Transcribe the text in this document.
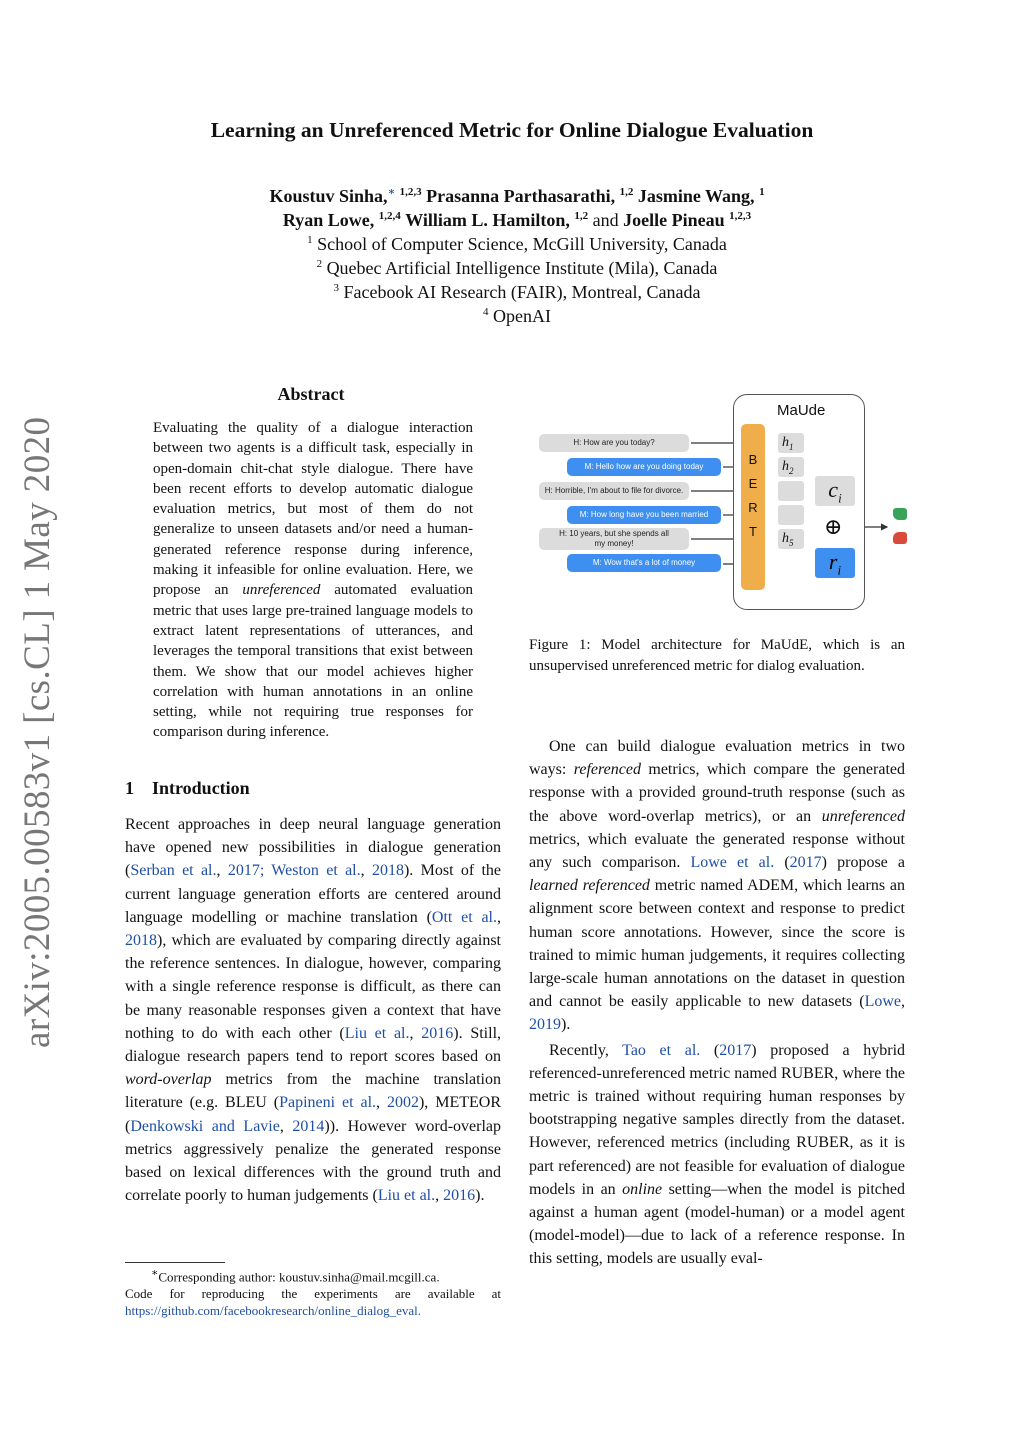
arXiv:2005.00583v1 [cs.CL] 1 May 2020
Learning an Unreferenced Metric for Online Dialogue Evaluation
Koustuv Sinha,∗ $^{1,2,3}$ Prasanna Parthasarathi, $^{1,2}$ Jasmine Wang, $^1$
Ryan Lowe, $^{1,2,4}$ William L. Hamilton, $^{1,2}$ and Joelle Pineau $^{1,2,3}$
$^1$ School of Computer Science, McGill University, Canada
$^2$ Quebec Artificial Intelligence Institute (Mila), Canada
$^3$ Facebook AI Research (FAIR), Montreal, Canada
$^4$ OpenAI
Abstract
Evaluating the quality of a dialogue interaction between two agents is a difficult task, especially in open-domain chit-chat style dialogue. There have been recent efforts to develop automatic dialogue evaluation metrics, but most of them do not generalize to unseen datasets and/or need a human-generated reference response during inference, making it infeasible for online evaluation. Here, we propose an unreferenced automated evaluation metric that uses large pre-trained language models to extract latent representations of utterances, and leverages the temporal transitions that exist between them. We show that our model achieves higher correlation with human annotations in an online setting, while not requiring true responses for comparison during inference.
1 Introduction

Recent approaches in deep neural language generation have opened new possibilities in dialogue generation (Serban et al., 2017; Weston et al., 2018). Most of the current language generation efforts are centered around language modelling or machine translation (Ott et al., 2018), which are evaluated by comparing directly against the reference sentences. In dialogue, however, comparing with a single reference response is difficult, as there can be many reasonable responses given a context that have nothing to do with each other (Liu et al., 2016). Still, dialogue research papers tend to report scores based on word-overlap metrics from the machine translation literature (e.g. BLEU (Papineni et al., 2002), METEOR (Denkowski and Lavie, 2014)). However word-overlap metrics aggressively penalize the generated response based on lexical differences with the ground truth and correlate poorly to human judgements (Liu et al., 2016).

∗Corresponding author: koustuv.sinha@mail.mcgill.ca.
Code for reproducing the experiments are available at
https://github.com/facebookresearch/online_dialog_eval.
MaUde
B
E
R
T
H: How are you today?
M: Hello how are you doing today
H: Horrible, I'm about to file for divorce.
M: How long have you been married
H: 10 years, but she spends all my money!
M: Wow that's a lot of money
$h_1$
$h_2$
$h_5$
$c_i$
⊕
$r_i$
Figure 1: Model architecture for MaUdE, which is an unsupervised unreferenced metric for dialog evaluation.

One can build dialogue evaluation metrics in two ways: referenced metrics, which compare the generated response with a provided ground-truth response (such as the above word-overlap metrics), or an unreferenced metrics, which evaluate the generated response without any such comparison. Lowe et al. (2017) propose a learned referenced metric named ADEM, which learns an alignment score between context and response to predict human score annotations. However, since the score is trained to mimic human judgements, it requires collecting large-scale human annotations on the dataset in question and cannot be easily applicable to new datasets (Lowe, 2019).

Recently, Tao et al. (2017) proposed a hybrid referenced-unreferenced metric named RUBER, where the metric is trained without requiring human responses by bootstrapping negative samples directly from the dataset. However, referenced metrics (including RUBER, as it is part referenced) are not feasible for evaluation of dialogue models in an online setting—when the model is pitched against a human agent (model-human) or a model agent (model-model)—due to lack of a reference response. In this setting, models are usually eval-
